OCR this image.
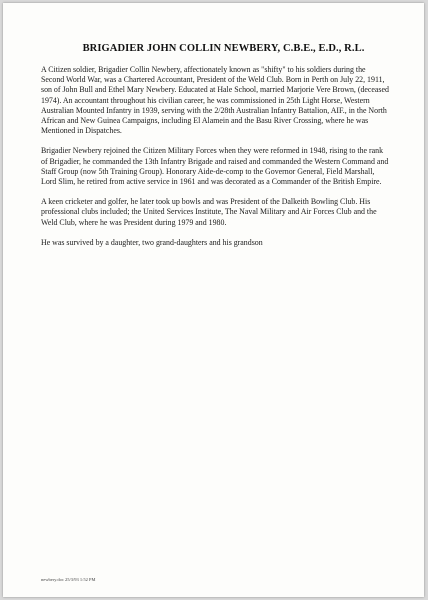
BRIGADIER JOHN COLLIN NEWBERY, C.B.E., E.D., R.L.

A Citizen soldier, Brigadier Collin Newbery, affectionately known as "shifty" to his soldiers during the Second World War, was a Chartered Accountant, President of the Weld Club. Born in Perth on July 22, 1911, son of John Bull and Ethel Mary Newbery. Educated at Hale School, married Marjorie Vere Brown, (deceased 1974). An accountant throughout his civilian career, he was commissioned in 25th Light Horse, Western Australian Mounted Infantry in 1939, serving with the 2/28th Australian Infantry Battalion, AIF., in the North African and New Guinea Campaigns, including El Alamein and the Basu River Crossing, where he was Mentioned in Dispatches.

Brigadier Newbery rejoined the Citizen Military Forces when they were reformed in 1948, rising to the rank of Brigadier, he commanded the 13th Infantry Brigade and raised and commanded the Western Command and Staff Group (now 5th Training Group). Honorary Aide-de-comp to the Governor General, Field Marshall, Lord Slim, he retired from active service in 1961 and was decorated as a Commander of the British Empire.

A keen cricketer and golfer, he later took up bowls and was President of the Dalkeith Bowling Club. His professional clubs included; the United Services Institute, The Naval Military and Air Forces Club and the Weld Club, where he was President during 1979 and 1980.

He was survived by a daughter, two grand-daughters and his grandson

newbery.doc 25/3/93 1:52 PM
